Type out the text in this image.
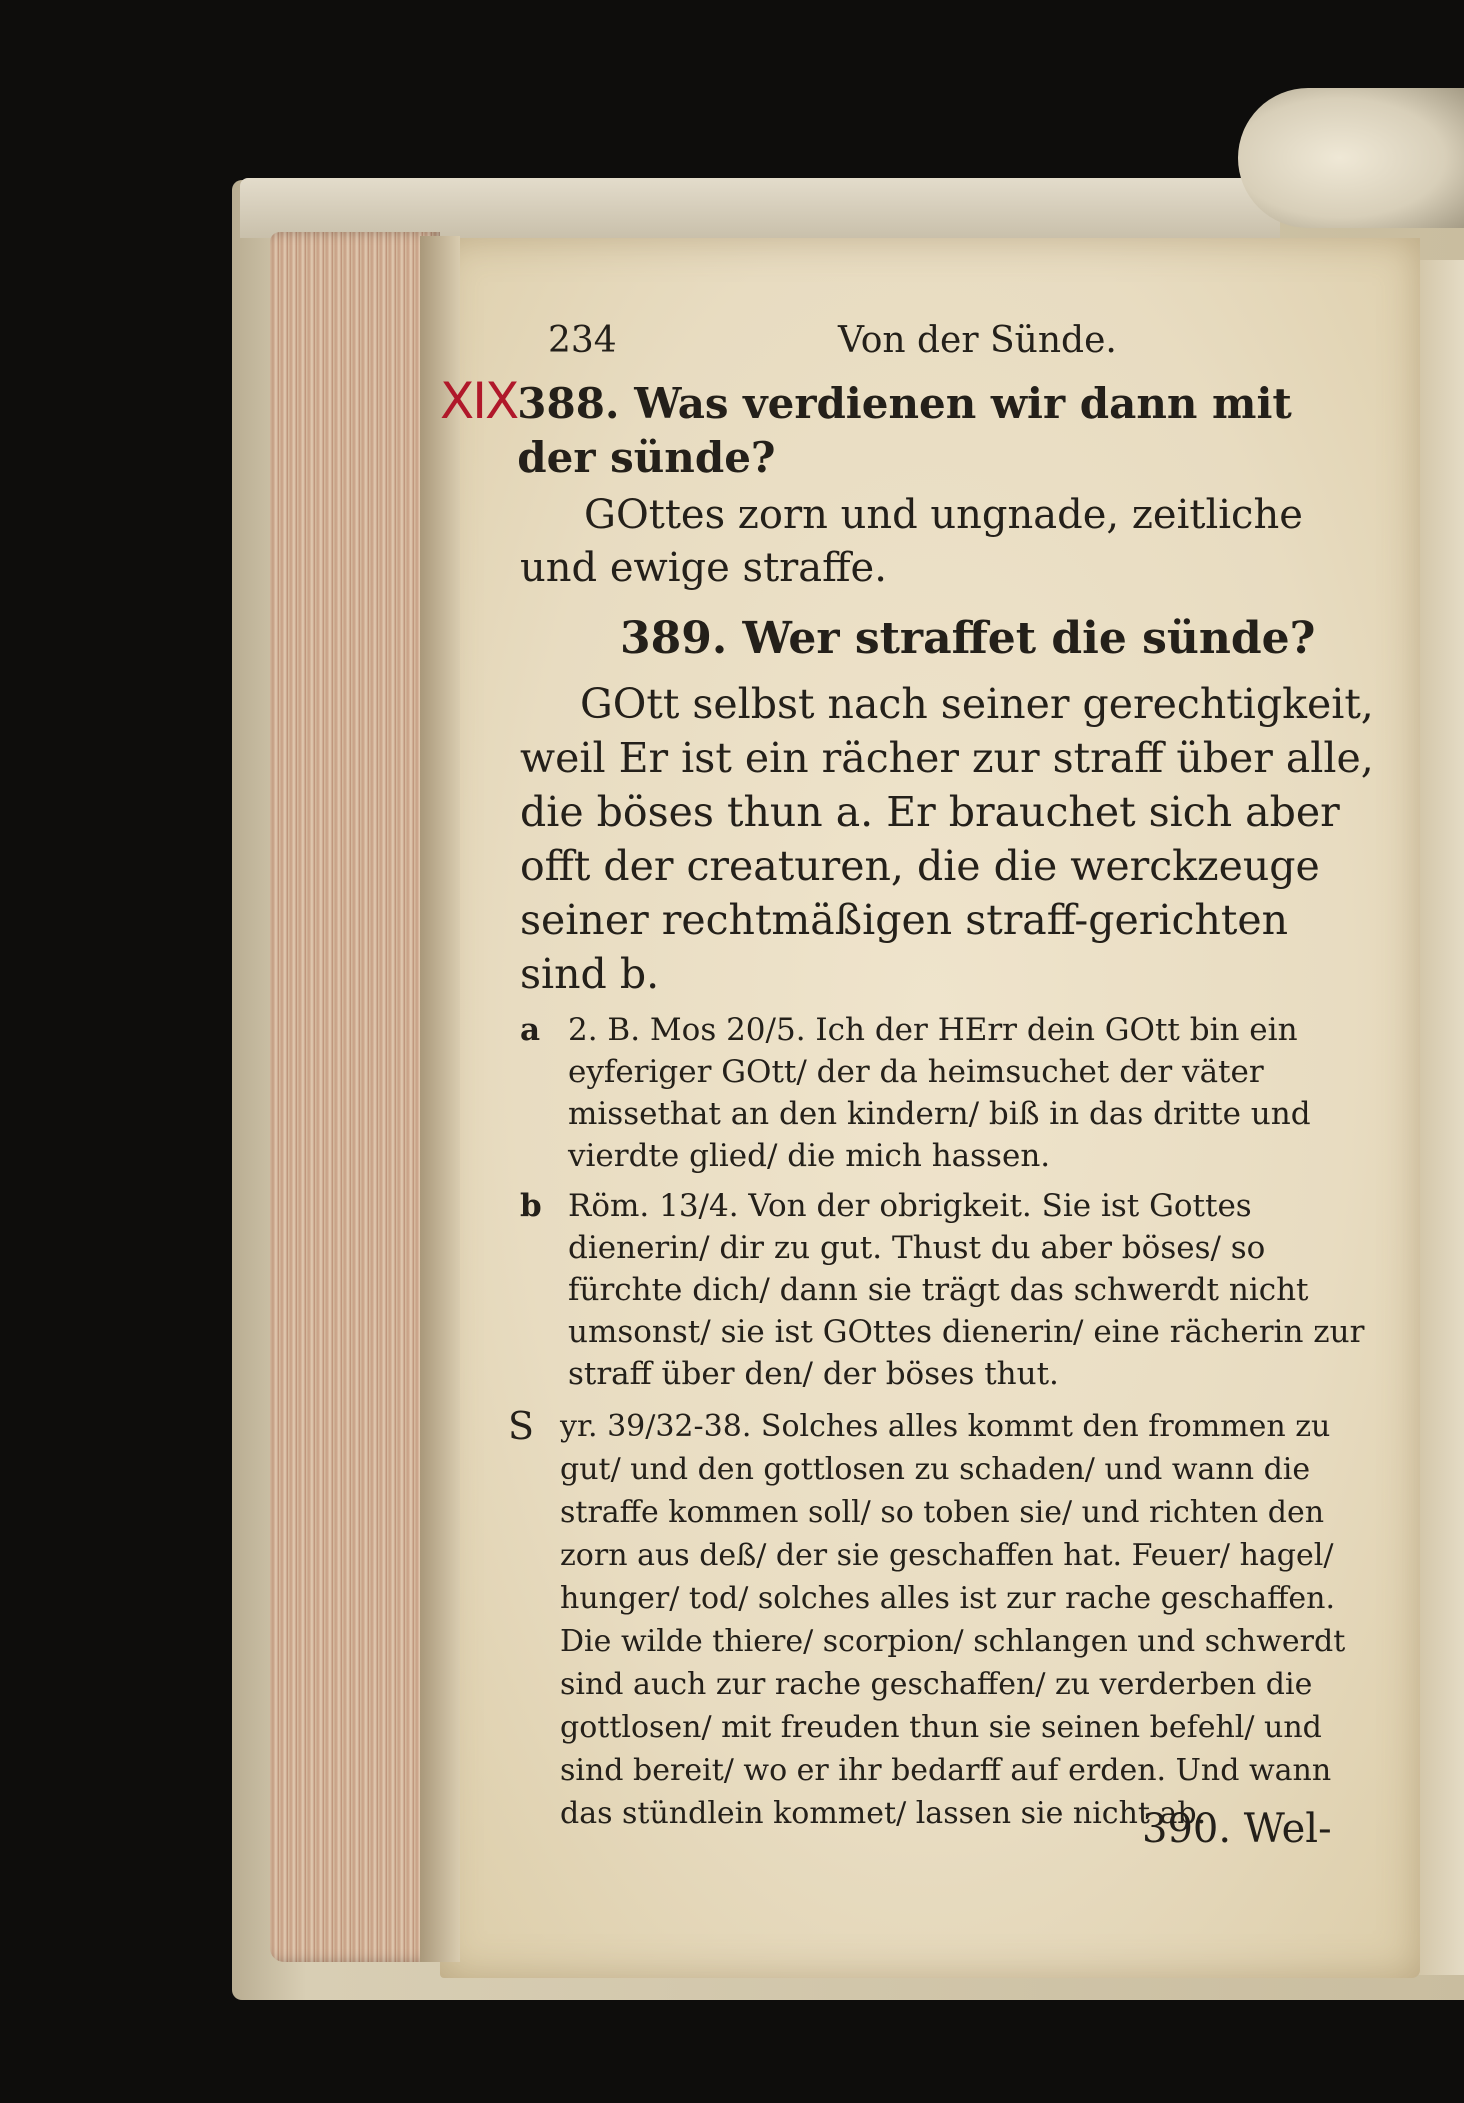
234	Von der Sünde.
XIX 388. Was verdienen wir dann mit der sünde?

GOttes zorn und ungnade, zeitliche und ewige straffe.

389. Wer straffet die sünde?

GOtt selbst nach seiner gerechtigkeit, weil Er ist ein rächer zur straff über alle, die böses thun a. Er brauchet sich aber offt der creaturen, die die werckzeuge seiner rechtmäßigen straff-gerichten sind b.

a 2. B. Mos 20/5. Ich der HErr dein GOtt bin ein eyferiger GOtt/ der da heimsuchet der väter missethat an den kindern/ biß in das dritte und vierdte glied/ die mich hassen.

b Röm. 13/4. Von der obrigkeit. Sie ist Gottes dienerin/ dir zu gut. Thust du aber böses/ so fürchte dich/ dann sie trägt das schwerdt nicht umsonst/ sie ist GOttes dienerin/ eine rächerin zur straff über den/ der böses thut.

S yr. 39/32-38. Solches alles kommt den frommen zu gut/ und den gottlosen zu schaden/ und wann die straffe kommen soll/ so toben sie/ und richten den zorn aus deß/ der sie geschaffen hat. Feuer/ hagel/ hunger/ tod/ solches alles ist zur rache geschaffen. Die wilde thiere/ scorpion/ schlangen und schwerdt sind auch zur rache geschaffen/ zu verderben die gottlosen/ mit freuden thun sie seinen befehl/ und sind bereit/ wo er ihr bedarff auf erden. Und wann das stündlein kommet/ lassen sie nicht ab.

390. Wel-
